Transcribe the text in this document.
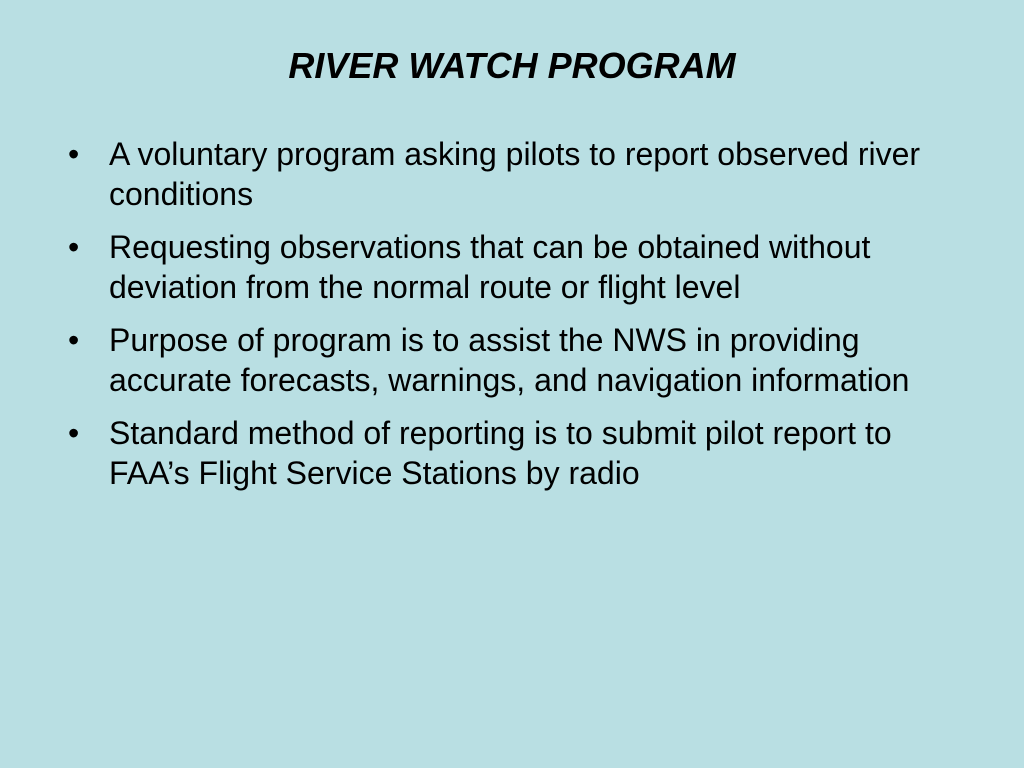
RIVER WATCH PROGRAM
• A voluntary program asking pilots to report observed river conditions
• Requesting observations that can be obtained without deviation from the normal route or flight level
• Purpose of program is to assist the NWS in providing accurate forecasts, warnings, and navigation information
• Standard method of reporting is to submit pilot report to FAA’s Flight Service Stations by radio
